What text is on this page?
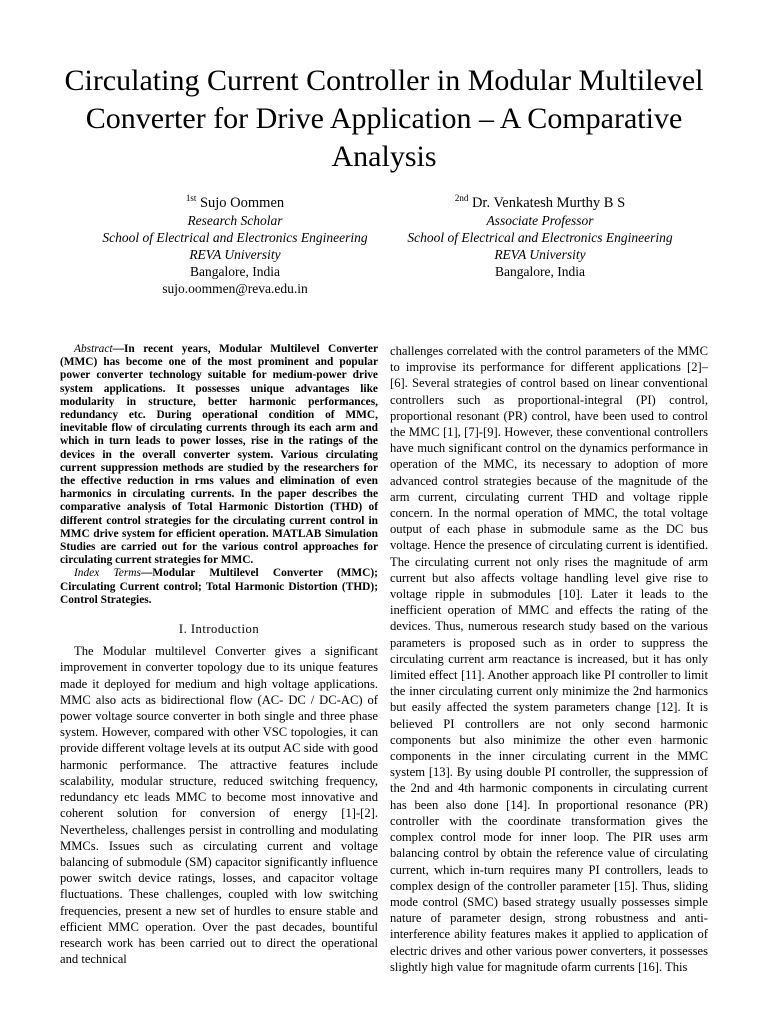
Circulating Current Controller in Modular Multilevel Converter for Drive Application – A Comparative Analysis
$^{1st}$ Sujo Oommen
Research Scholar
School of Electrical and Electronics Engineering
REVA University
Bangalore, India
sujo.oommen@reva.edu.in
$^{2nd}$ Dr. Venkatesh Murthy B S
Associate Professor
School of Electrical and Electronics Engineering
REVA University
Bangalore, India

Abstract—In recent years, Modular Multilevel Converter (MMC) has become one of the most prominent and popular power converter technology suitable for medium-power drive system applications. It possesses unique advantages like modularity in structure, better harmonic performances, redundancy etc. During operational condition of MMC, inevitable flow of circulating currents through its each arm and which in turn leads to power losses, rise in the ratings of the devices in the overall converter system. Various circulating current suppression methods are studied by the researchers for the effective reduction in rms values and elimination of even harmonics in circulating currents. In the paper describes the comparative analysis of Total Harmonic Distortion (THD) of different control strategies for the circulating current control in MMC drive system for efficient operation. MATLAB Simulation Studies are carried out for the various control approaches for circulating current strategies for MMC.

Index Terms—Modular Multilevel Converter (MMC); Circulating Current control; Total Harmonic Distortion (THD); Control Strategies.

I. Introduction

The Modular multilevel Converter gives a significant improvement in converter topology due to its unique features made it deployed for medium and high voltage applications. MMC also acts as bidirectional flow (AC- DC / DC-AC) of power voltage source converter in both single and three phase system. However, compared with other VSC topologies, it can provide different voltage levels at its output AC side with good harmonic performance. The attractive features include scalability, modular structure, reduced switching frequency, redundancy etc leads MMC to become most innovative and coherent solution for conversion of energy [1]-[2]. Nevertheless, challenges persist in controlling and modulating MMCs. Issues such as circulating current and voltage balancing of submodule (SM) capacitor significantly influence power switch device ratings, losses, and capacitor voltage fluctuations. These challenges, coupled with low switching frequencies, present a new set of hurdles to ensure stable and efficient MMC operation. Over the past decades, bountiful research work has been carried out to direct the operational and technical

challenges correlated with the control parameters of the MMC to improvise its performance for different applications [2]– [6]. Several strategies of control based on linear conventional controllers such as proportional-integral (PI) control, proportional resonant (PR) control, have been used to control the MMC [1], [7]-[9]. However, these conventional controllers have much significant control on the dynamics performance in operation of the MMC, its necessary to adoption of more advanced control strategies because of the magnitude of the arm current, circulating current THD and voltage ripple concern. In the normal operation of MMC, the total voltage output of each phase in submodule same as the DC bus voltage. Hence the presence of circulating current is identified. The circulating current not only rises the magnitude of arm current but also affects voltage handling level give rise to voltage ripple in submodules [10]. Later it leads to the inefficient operation of MMC and effects the rating of the devices. Thus, numerous research study based on the various parameters is proposed such as in order to suppress the circulating current arm reactance is increased, but it has only limited effect [11]. Another approach like PI controller to limit the inner circulating current only minimize the 2nd harmonics but easily affected the system parameters change [12]. It is believed PI controllers are not only second harmonic components but also minimize the other even harmonic components in the inner circulating current in the MMC system [13]. By using double PI controller, the suppression of the 2nd and 4th harmonic components in circulating current has been also done [14]. In proportional resonance (PR) controller with the coordinate transformation gives the complex control mode for inner loop. The PIR uses arm balancing control by obtain the reference value of circulating current, which in-turn requires many PI controllers, leads to complex design of the controller parameter [15]. Thus, sliding mode control (SMC) based strategy usually possesses simple nature of parameter design, strong robustness and anti-interference ability features makes it applied to application of electric drives and other various power converters, it possesses slightly high value for magnitude ofarm currents [16]. This
